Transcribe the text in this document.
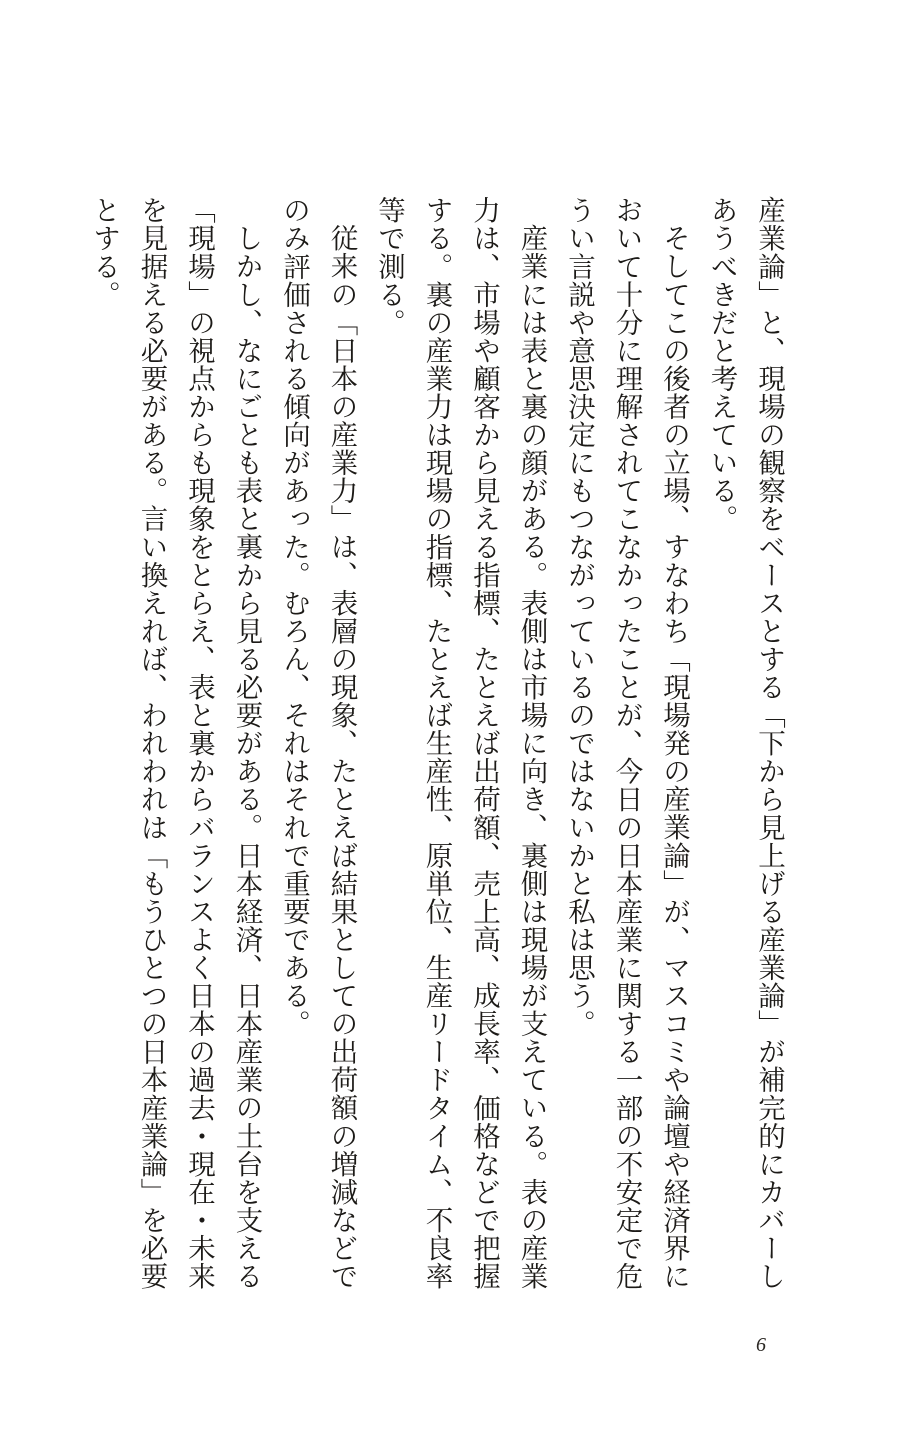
産業論」と、現場の観察をベースとする「下から見上げる産業論」が補完的にカバーし
あうべきだと考えている。
そしてこの後者の立場、すなわち「現場発の産業論」が、マスコミや論壇や経済界に
おいて十分に理解されてこなかったことが、今日の日本産業に関する一部の不安定で危
うい言説や意思決定にもつながっているのではないかと私は思う。
産業には表と裏の顔がある。表側は市場に向き、裏側は現場が支えている。表の産業
力は、市場や顧客から見える指標、たとえば出荷額、売上高、成長率、価格などで把握
する。裏の産業力は現場の指標、たとえば生産性、原単位、生産リードタイム、不良率
等で測る。
従来の「日本の産業力」は、表層の現象、たとえば結果としての出荷額の増減などで
のみ評価される傾向があった。むろん、それはそれで重要である。
しかし、なにごとも表と裏から見る必要がある。日本経済、日本産業の土台を支える
「現場」の視点からも現象をとらえ、表と裏からバランスよく日本の過去・現在・未来
を見据える必要がある。言い換えれば、われわれは「もうひとつの日本産業論」を必要
とする。
6
